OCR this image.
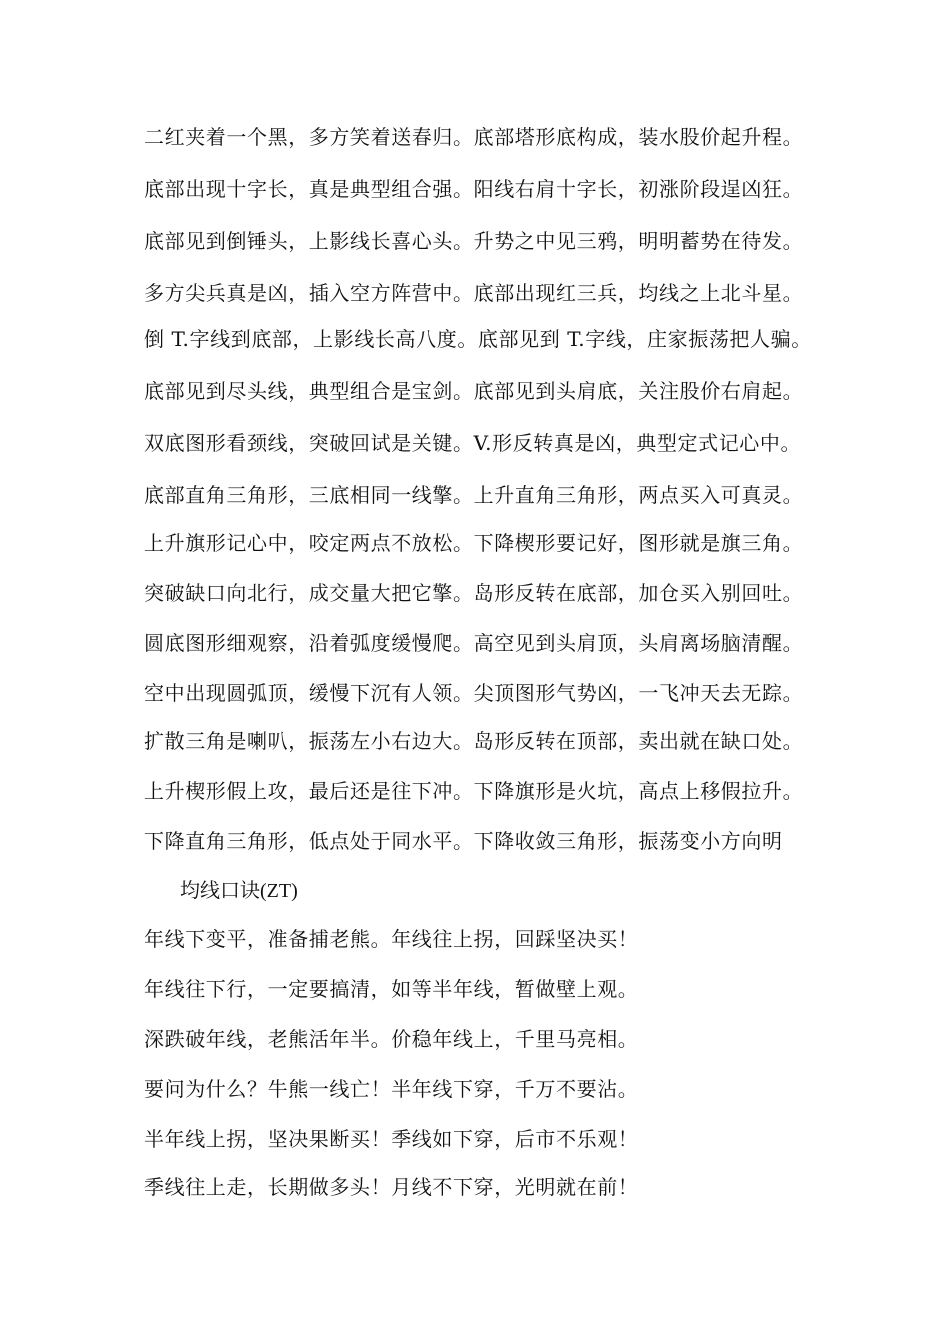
二红夹着一个黑，多方笑着送春归。底部塔形底构成，装水股价起升程。
底部出现十字长，真是典型组合强。阳线右肩十字长，初涨阶段逞凶狂。
底部见到倒锤头，上影线长喜心头。升势之中见三鸦，明明蓄势在待发。
多方尖兵真是凶，插入空方阵营中。底部出现红三兵，均线之上北斗星。
倒 T.字线到底部，上影线长高八度。底部见到 T.字线，庄家振荡把人骗。
底部见到尽头线，典型组合是宝剑。底部见到头肩底，关注股价右肩起。
双底图形看颈线，突破回试是关键。V.形反转真是凶，典型定式记心中。
底部直角三角形，三底相同一线擎。上升直角三角形，两点买入可真灵。
上升旗形记心中，咬定两点不放松。下降楔形要记好，图形就是旗三角。
突破缺口向北行，成交量大把它擎。岛形反转在底部，加仓买入别回吐。
圆底图形细观察，沿着弧度缓慢爬。高空见到头肩顶，头肩离场脑清醒。
空中出现圆弧顶，缓慢下沉有人领。尖顶图形气势凶，一飞冲天去无踪。
扩散三角是喇叭，振荡左小右边大。岛形反转在顶部，卖出就在缺口处。
上升楔形假上攻，最后还是往下冲。下降旗形是火坑，高点上移假拉升。
下降直角三角形，低点处于同水平。下降收敛三角形，振荡变小方向明
均线口诀(ZT)
年线下变平，准备捕老熊。年线往上拐，回踩坚决买！
年线往下行，一定要搞清，如等半年线，暂做壁上观。
深跌破年线，老熊活年半。价稳年线上，千里马亮相。
要问为什么？牛熊一线亡！半年线下穿，千万不要沾。
半年线上拐，坚决果断买！季线如下穿，后市不乐观！
季线往上走，长期做多头！月线不下穿，光明就在前！
